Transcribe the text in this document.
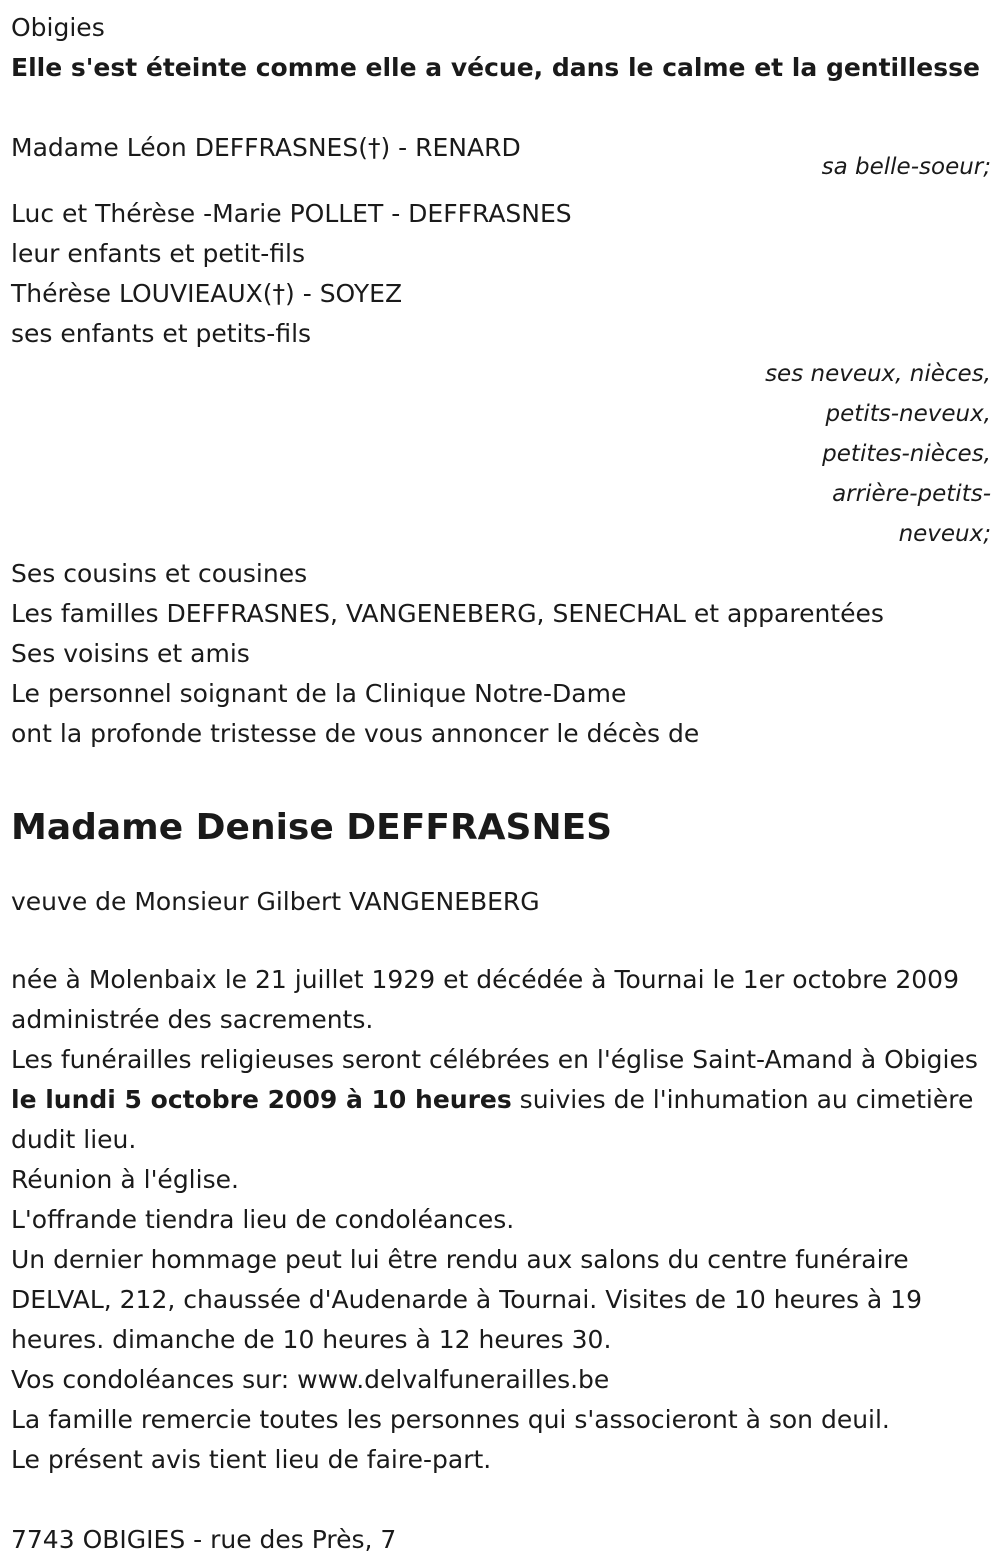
Obigies
Elle s'est éteinte comme elle a vécue, dans le calme et la gentillesse
Madame Léon DEFFRASNES(†) - RENARD
sa belle-soeur;
Luc et Thérèse -Marie POLLET - DEFFRASNES
leur enfants et petit-fils
Thérèse LOUVIEAUX(†) - SOYEZ
ses enfants et petits-fils
ses neveux, nièces,
petits-neveux,
petites-nièces,
arrière-petits-
neveux;
Ses cousins et cousines
Les familles DEFFRASNES, VANGENEBERG, SENECHAL et apparentées
Ses voisins et amis
Le personnel soignant de la Clinique Notre-Dame
ont la profonde tristesse de vous annoncer le décès de
Madame Denise DEFFRASNES
veuve de Monsieur Gilbert VANGENEBERG
née à Molenbaix le 21 juillet 1929 et décédée à Tournai le 1er octobre 2009 administrée des sacrements.
Les funérailles religieuses seront célébrées en l'église Saint-Amand à Obigies le lundi 5 octobre 2009 à 10 heures suivies de l'inhumation au cimetière dudit lieu.
Réunion à l'église.
L'offrande tiendra lieu de condoléances.
Un dernier hommage peut lui être rendu aux salons du centre funéraire DELVAL, 212, chaussée d'Audenarde à Tournai. Visites de 10 heures à 19 heures. dimanche de 10 heures à 12 heures 30.
Vos condoléances sur: www.delvalfunerailles.be
La famille remercie toutes les personnes qui s'associeront à son deuil.
Le présent avis tient lieu de faire-part.
7743 OBIGIES - rue des Près, 7
